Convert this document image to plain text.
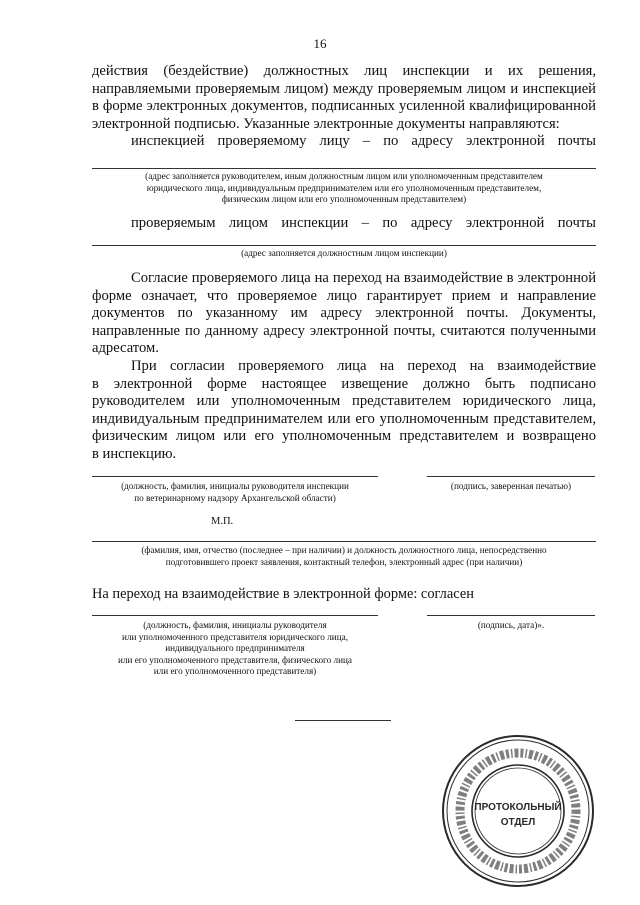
16
действия (бездействие) должностных лиц инспекции и их решения,
направляемыми проверяемым лицом) между проверяемым лицом и инспекцией
в форме электронных документов, подписанных усиленной квалифицированной
электронной подписью. Указанные электронные документы направляются:
инспекцией проверяемому лицу – по адресу электронной почты
(адрес заполняется руководителем, иным должностным лицом или уполномоченным представителем
юридического лица, индивидуальным предпринимателем или его уполномоченным представителем,
физическим лицом или его уполномоченным представителем)
проверяемым лицом инспекции – по адресу электронной почты
(адрес заполняется должностным лицом инспекции)
Согласие проверяемого лица на переход на взаимодействие в электронной
форме означает, что проверяемое лицо гарантирует прием и направление
документов по указанному им адресу электронной почты. Документы,
направленные по данному адресу электронной почты, считаются полученными
адресатом.
При согласии проверяемого лица на переход на взаимодействие
в электронной форме настоящее извещение должно быть подписано
руководителем или уполномоченным представителем юридического лица,
индивидуальным предпринимателем или его уполномоченным представителем,
физическим лицом или его уполномоченным представителем и возвращено
в инспекцию.
(должность, фамилия, инициалы руководителя инспекции
по ветеринарному надзору Архангельской области)
(подпись, заверенная печатью)
М.П.
(фамилия, имя, отчество (последнее – при наличии) и должность должностного лица, непосредственно
подготовившего проект заявления, контактный телефон, электронный адрес (при наличии)
На переход на взаимодействие в электронной форме: согласен
(должность, фамилия, инициалы руководителя
или уполномоченного представителя юридического лица,
индивидуального предпринимателя
или его уполномоченного представителя, физического лица
или его уполномоченного представителя)
(подпись, дата)».
ПРОТОКОЛЬНЫЙ
ОТДЕЛ
